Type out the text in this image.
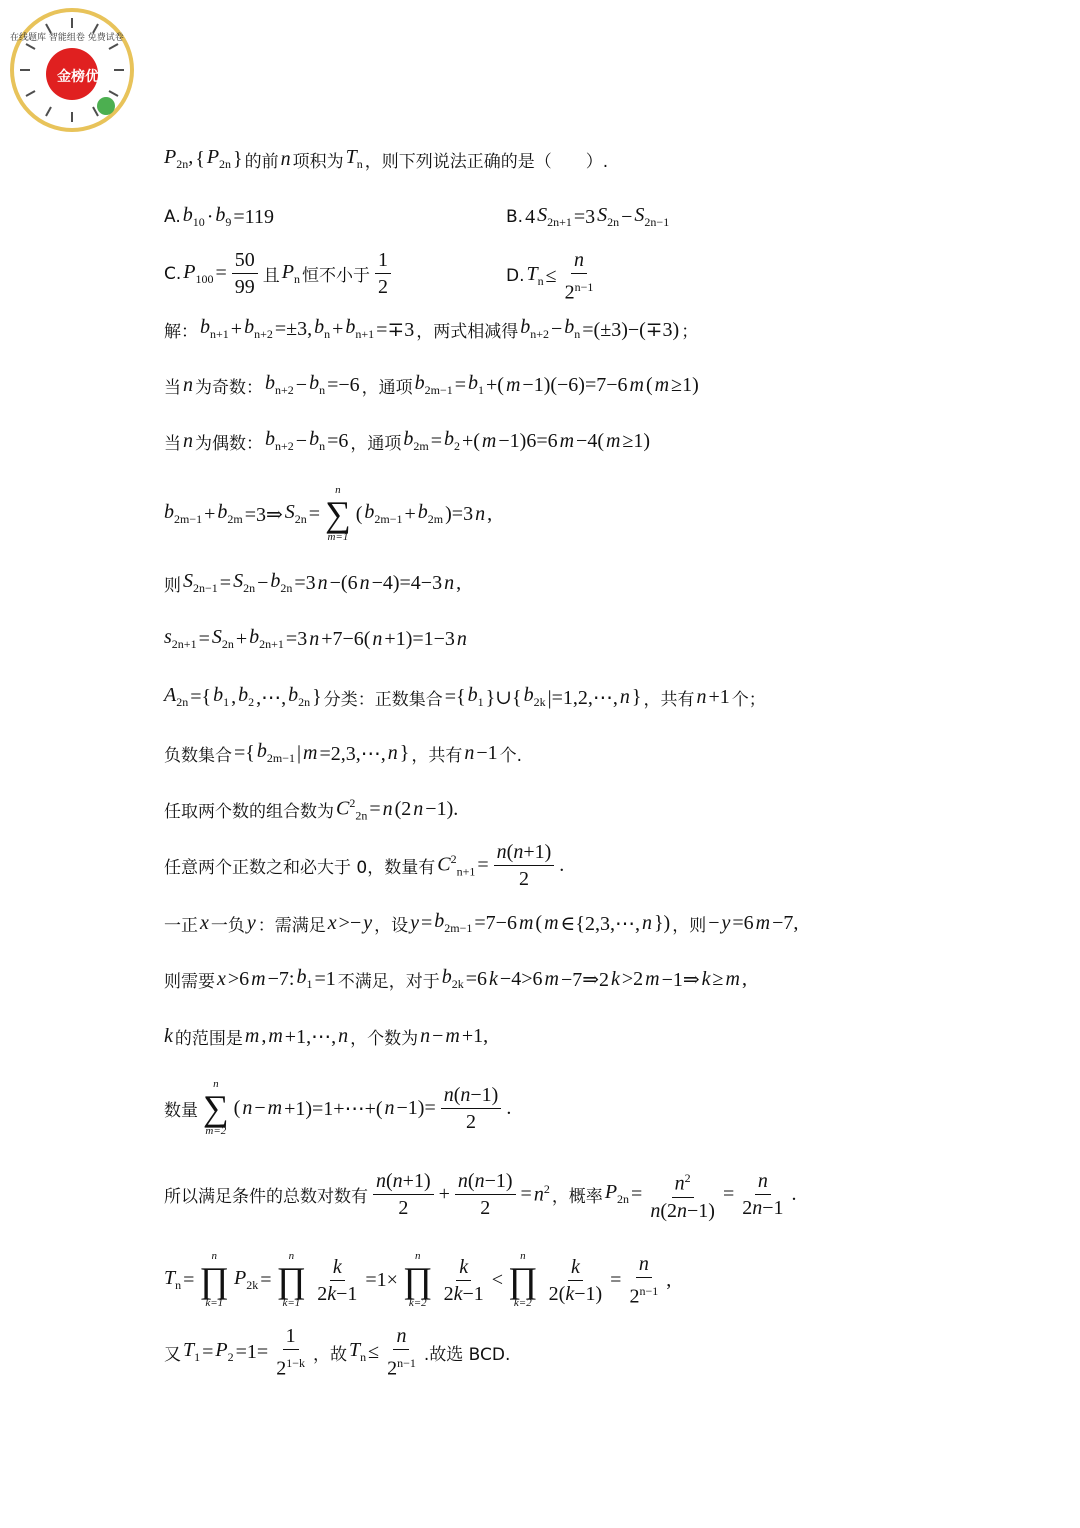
金榜优
在线题库 智能组卷 免费试卷
$P_{2n}$, { $P_{2n}$ } 的前 n 项积为 $T_n$ ，则下列说法正确的是（　　）.
A. $b_{10} \cdot b_9 =119$	B. 4 $S_{2n+1} =3$ $S_{2n} - S_{2n-1}$
C. $P_{100} = \frac{50}{99}$ 且 $P_n$ 恒不小于 $\frac{1}{2}$	D. $T_n \le \frac{n}{2^{n-1}}$
解： $b_{n+1} + b_{n+2} =\pm 3$, $b_n + b_{n+1} =\mp 3$ ，两式相减得 $b_{n+2} - b_n =(\pm 3)-(\mp 3)$ ；
当 n 为奇数： $b_{n+2} - b_n =-6$ ，通项 $b_{2m-1} = b_1$ +( m −1)(−6)=7−6 m ( m ≥1)
当 n 为偶数： $b_{n+2} - b_n =6$ ，通项 $b_{2m} = b_2$ +( m −1)6=6 m −4( m ≥1)
$b_{2m-1} + b_{2m}$ =3⇒ $S_{2n}$ =
n
∑
m=1
( $b_{2m-1} + b_{2m}$ )=3 n ,
则 $S_{2n-1} = S_{2n} - b_{2n} =3$ n −(6 n −4)=4−3 n ,
$s_{2n+1} = S_{2n} + b_{2n+1} =3$ n +7−6( n +1)=1−3 n
$A_{2n}$ ={ $b_1$ , $b_2$ ,⋯, $b_{2n}$ } 分类：正数集合 ={ $b_1$ }∪{ $b_{2k}$ |=1,2,⋯, n } ，共有 n +1 个；
负数集合 ={ $b_{2m-1}$ | m =2,3,⋯, n } ，共有 n −1 个.
任取两个数的组合数为 $C^2_{2n} = n$ (2 n −1).
任意两个正数之和必大于 0，数量有 $C^2_{n+1} = \frac{n(n+1)}{2}$ .
一正 x 一负 y ：需满足 x >− y ，设 $y = b_{2m-1} =7-6$ m ( m ∈{2,3,⋯, n }) ，则 − y =6 m −7,
则需要 x >6 m −7: $b_1 =1$ 不满足，对于 $b_{2k} =6$ k −4>6 m −7⇒2 k >2 m −1⇒ k ≥ m ,
k 的范围是 m , m +1,⋯, n ，个数为 n − m +1,
数量
n
∑
m=2
( n − m +1)=1+⋯+( $n -1)= \frac{n(n-1)}{2}$ .
所以满足条件的总数对数有 $\frac{n(n+1)}{2} + \frac{n(n-1)}{2} = n^2$ ，概率 $P_{2n} = \frac{n^2}{n(2n-1)} = \frac{n}{2n-1}$ .
$T_n$ =
n
∏
k=1
$P_{2k}$ =
n
∏
$k=1 \frac{k}{2k-1} =1\times$
n
∏
$k=2 \frac{k}{2k-1}$ <
n
∏
$k=2 \frac{k}{2(k-1)} = \frac{n}{2^{n-1}}$ ,
又 $T_1 = P_2 =1= \frac{1}{2^{1-k}}$ ，故 $T_n \le \frac{n}{2^{n-1}}$ .故选 BCD.
